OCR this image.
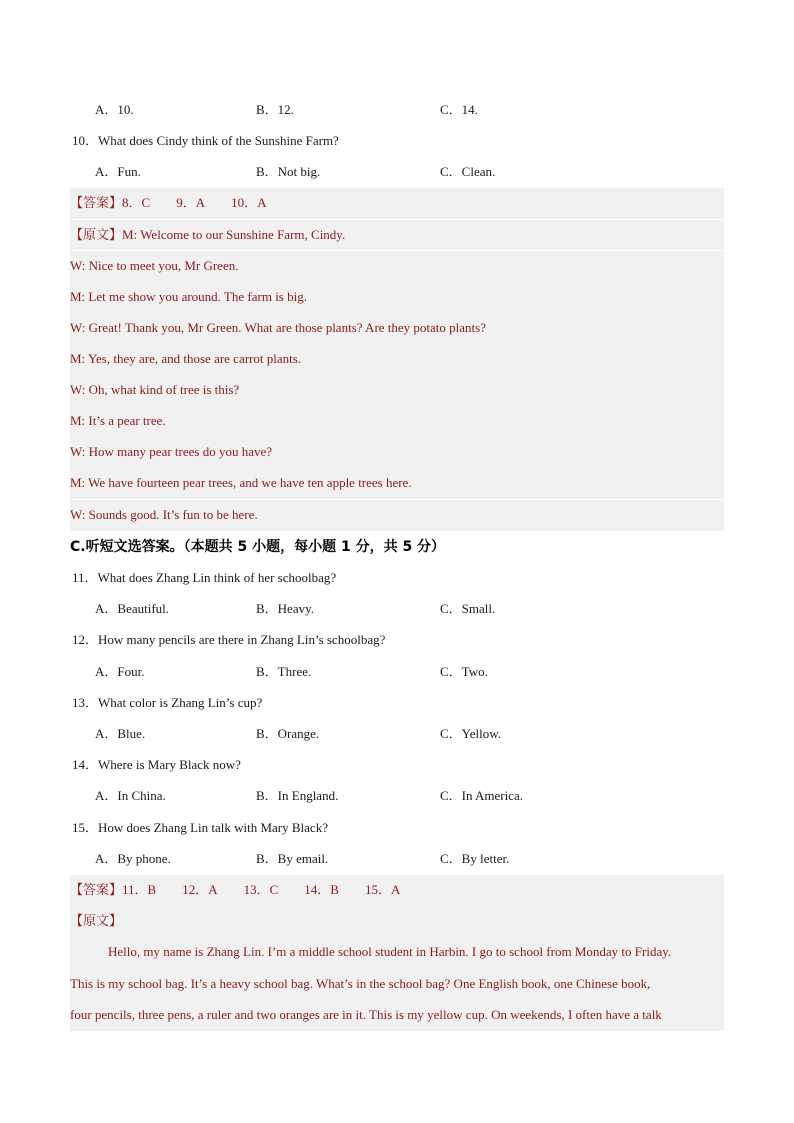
A．10.	B．12.	C．14.
10．What does Cindy think of the Sunshine Farm?
A．Fun.	B．Not big.	C．Clean.
【答案】8．C 9．A 10．A
【原文】M: Welcome to our Sunshine Farm, Cindy.
W: Nice to meet you, Mr Green.
M: Let me show you around. The farm is big.
W: Great! Thank you, Mr Green. What are those plants? Are they potato plants?
M: Yes, they are, and those are carrot plants.
W: Oh, what kind of tree is this?
M: It’s a pear tree.
W: How many pear trees do you have?
M: We have fourteen pear trees, and we have ten apple trees here.
W: Sounds good. It’s fun to be here.
C.听短文选答案。（本题共 5 小题，每小题 1 分，共 5 分）
11．What does Zhang Lin think of her schoolbag?
A．Beautiful.	B．Heavy.	C．Small.
12．How many pencils are there in Zhang Lin’s schoolbag?
A．Four.	B．Three.	C．Two.
13．What color is Zhang Lin’s cup?
A．Blue.	B．Orange.	C．Yellow.
14．Where is Mary Black now?
A．In China.	B．In England.	C．In America.
15．How does Zhang Lin talk with Mary Black?
A．By phone.	B．By email.	C．By letter.
【答案】11．B 12．A 13．C 14．B 15．A
【原文】
Hello, my name is Zhang Lin. I’m a middle school student in Harbin. I go to school from Monday to Friday.
This is my school bag. It’s a heavy school bag. What’s in the school bag? One English book, one Chinese book,
four pencils, three pens, a ruler and two oranges are in it. This is my yellow cup. On weekends, I often have a talk
